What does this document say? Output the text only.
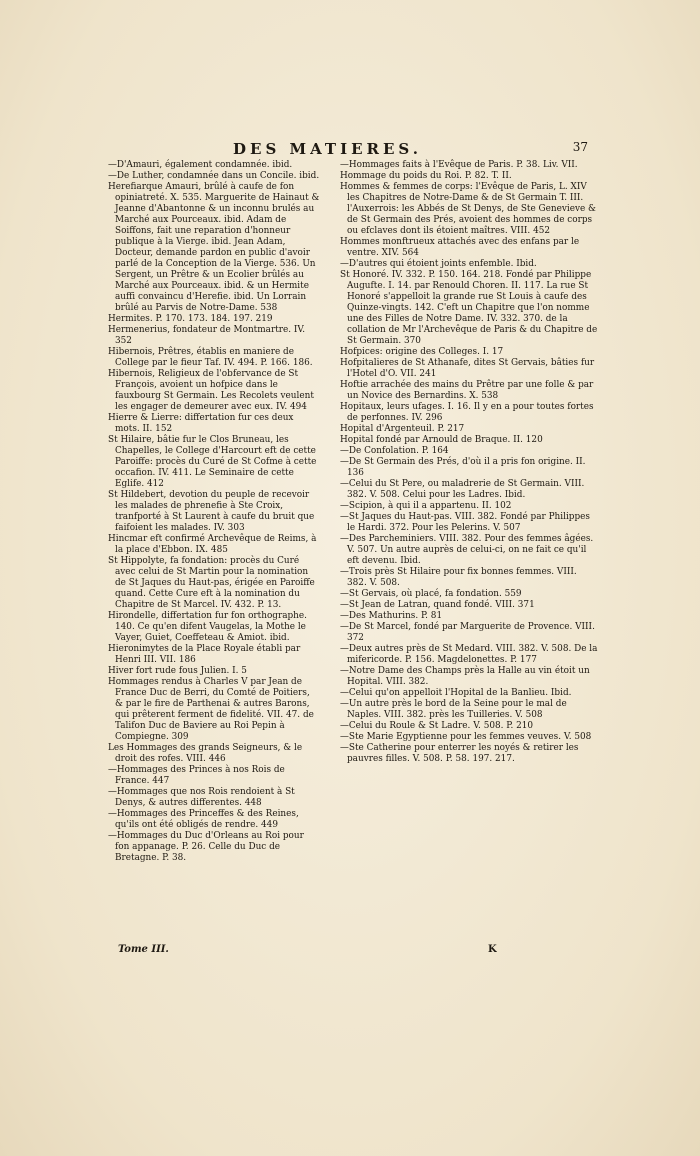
DES MATIERES.	37

—D'Amauri, également condamnée. ibid.

—De Luther, condamnée dans un Concile. ibid.

Herefiarque Amauri, brûlé à caufe de fon opiniatreté. X. 535. Marguerite de Hainaut & Jeanne d'Abantonne & un inconnu brulés au Marché aux Pourceaux. ibid. Adam de Soiffons, fait une reparation d'honneur publique à la Vierge. ibid. Jean Adam, Docteur, demande pardon en public d'avoir parlé de la Conception de la Vierge. 536. Un Sergent, un Prêtre & un Ecolier brûlés au Marché aux Pourceaux. ibid. & un Hermite auffi convaincu d'Herefie. ibid. Un Lorrain brûlé au Parvis de Notre-Dame. 538

Hermites. P. 170. 173. 184. 197. 219

Hermenerius, fondateur de Montmartre. IV. 352

Hibernois, Prêtres, établis en maniere de College par le fieur Taf. IV. 494. P. 166. 186.

Hibernois, Religieux de l'obfervance de St François, avoient un hofpice dans le fauxbourg St Germain. Les Recolets veulent les engager de demeurer avec eux. IV. 494

Hierre & Lierre: differtation fur ces deux mots. II. 152

St Hilaire, bâtie fur le Clos Bruneau, les Chapelles, le College d'Harcourt eft de cette Paroiffe: procès du Curé de St Cofme à cette occafion. IV. 411. Le Seminaire de cette Eglife. 412

St Hildebert, devotion du peuple de recevoir les malades de phrenefie à Ste Croix, tranfporté à St Laurent à caufe du bruit que faifoient les malades. IV. 303

Hincmar eft confirmé Archevêque de Reims, à la place d'Ebbon. IX. 485

St Hippolyte, fa fondation: procès du Curé avec celui de St Martin pour la nomination de St Jaques du Haut-pas, érigée en Paroiffe quand. Cette Cure eft à la nomination du Chapitre de St Marcel. IV. 432. P. 13.

Hirondelle, differtation fur fon orthographe. 140. Ce qu'en difent Vaugelas, la Mothe le Vayer, Guiet, Coeffeteau & Amiot. ibid.

Hieronimytes de la Place Royale établi par Henri III. VII. 186

Hiver fort rude fous Julien. I. 5

Hommages rendus à Charles V par Jean de France Duc de Berri, du Comté de Poitiers, & par le fire de Parthenai & autres Barons, qui prêterent ferment de fidelité. VII. 47. de Talifon Duc de Baviere au Roi Pepin à Compiegne. 309

Les Hommages des grands Seigneurs, & le droit des rofes. VIII. 446

—Hommages des Princes à nos Rois de France. 447

—Hommages que nos Rois rendoient à St Denys, & autres differentes. 448

—Hommages des Princeffes & des Reines, qu'ils ont été obligés de rendre. 449

—Hommages du Duc d'Orleans au Roi pour fon appanage. P. 26. Celle du Duc de Bretagne. P. 38.

—Hommages faits à l'Evêque de Paris. P. 38. Liv. VII.

Hommage du poids du Roi. P. 82. T. II.

Hommes & femmes de corps: l'Evêque de Paris, L. XIV les Chapitres de Notre-Dame & de St Germain T. III. l'Auxerrois: les Abbés de St Denys, de Ste Genevieve & de St Germain des Prés, avoient des hommes de corps ou efclaves dont ils étoient maîtres. VIII. 452

Hommes monftrueux attachés avec des enfans par le ventre. XIV. 564

—D'autres qui étoient joints enfemble. Ibid.

St Honoré. IV. 332. P. 150. 164. 218. Fondé par Philippe Augufte. I. 14. par Renould Choren. II. 117. La rue St Honoré s'appelloit la grande rue St Louis à caufe des Quinze-vingts. 142. C'eft un Chapitre que l'on nomme une des Filles de Notre Dame. IV. 332. 370. de la collation de Mr l'Archevêque de Paris & du Chapitre de St Germain. 370

Hofpices: origine des Colleges. I. 17

Hofpitalieres de St Athanafe, dites St Gervais, bâties fur l'Hotel d'O. VII. 241

Hoftie arrachée des mains du Prêtre par une folle & par un Novice des Bernardins. X. 538

Hopitaux, leurs ufages. I. 16. Il y en a pour toutes fortes de perfonnes. IV. 296

Hopital d'Argenteuil. P. 217

Hopital fondé par Arnould de Braque. II. 120

—De Confolation. P. 164

—De St Germain des Prés, d'où il a pris fon origine. II. 136

—Celui du St Pere, ou maladrerie de St Germain. VIII. 382. V. 508. Celui pour les Ladres. Ibid.

—Scipion, à qui il a appartenu. II. 102

—St Jaques du Haut-pas. VIII. 382. Fondé par Philippes le Hardi. 372. Pour les Pelerins. V. 507

—Des Parcheminiers. VIII. 382. Pour des femmes âgées. V. 507. Un autre auprès de celui-ci, on ne fait ce qu'il eft devenu. Ibid.

—Trois près St Hilaire pour fix bonnes femmes. VIII. 382. V. 508.

—St Gervais, où placé, fa fondation. 559

—St Jean de Latran, quand fondé. VIII. 371

—Des Mathurins. P. 81

—De St Marcel, fondé par Marguerite de Provence. VIII. 372

—Deux autres près de St Medard. VIII. 382. V. 508. De la mifericorde. P. 156. Magdelonettes. P. 177

—Notre Dame des Champs près la Halle au vin étoit un Hopital. VIII. 382.

—Celui qu'on appelloit l'Hopital de la Banlieu. Ibid.

—Un autre près le bord de la Seine pour le mal de Naples. VIII. 382. près les Tuilleries. V. 508

—Celui du Roule & St Ladre. V. 508. P. 210

—Ste Marie Egyptienne pour les femmes veuves. V. 508

—Ste Catherine pour enterrer les noyés & retirer les pauvres filles. V. 508. P. 58. 197. 217.

Tome III.	K
